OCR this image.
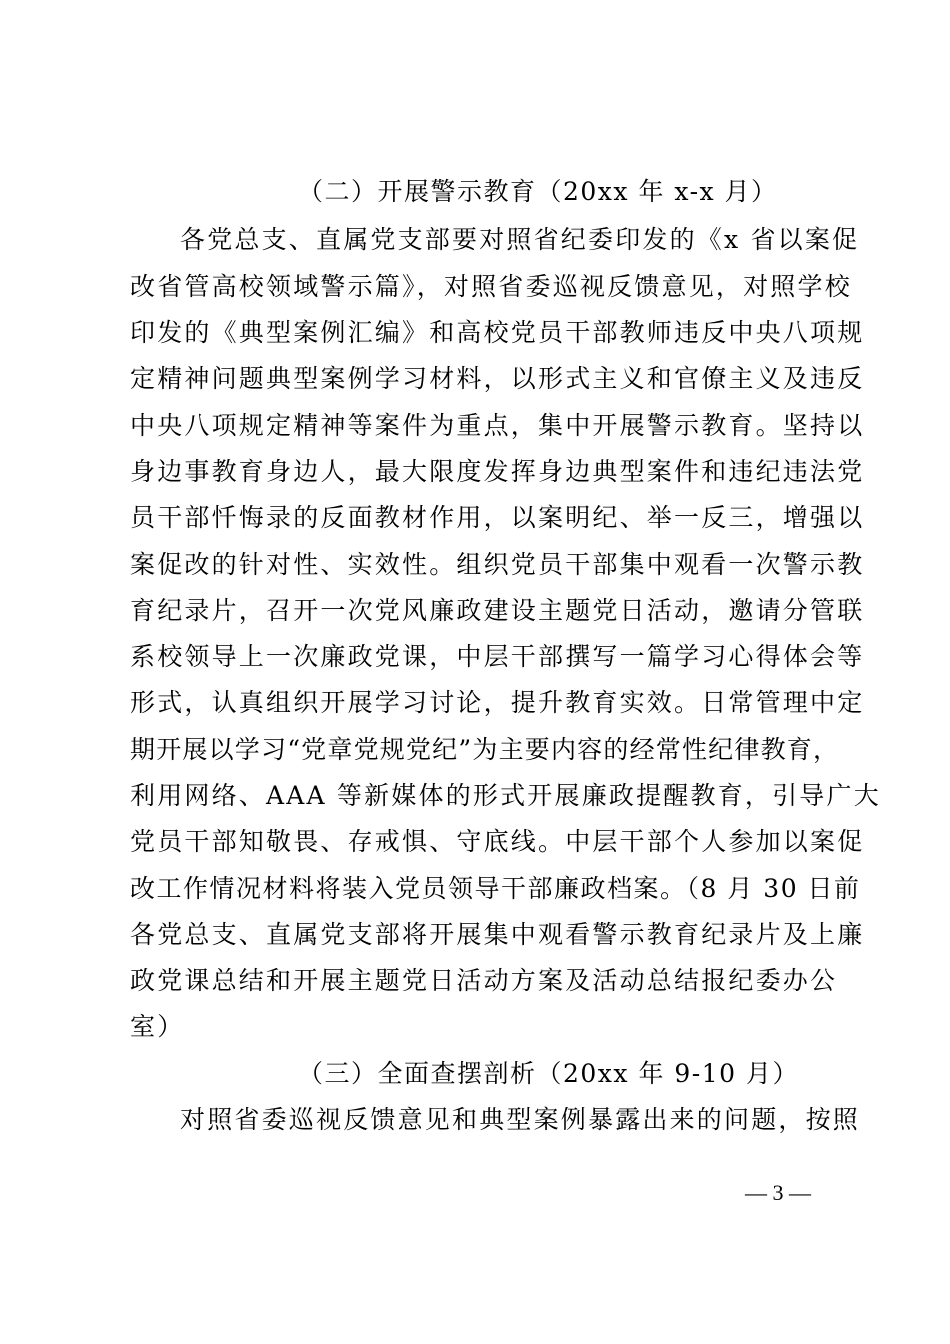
（二）开展警示教育（20xx 年 x-x 月）
各党总支、直属党支部要对照省纪委印发的《x 省以案促
改省管高校领域警示篇》，对照省委巡视反馈意见，对照学校
印发的《典型案例汇编》和高校党员干部教师违反中央八项规
定精神问题典型案例学习材料，以形式主义和官僚主义及违反
中央八项规定精神等案件为重点，集中开展警示教育。坚持以
身边事教育身边人，最大限度发挥身边典型案件和违纪违法党
员干部忏悔录的反面教材作用，以案明纪、举一反三，增强以
案促改的针对性、实效性。组织党员干部集中观看一次警示教
育纪录片，召开一次党风廉政建设主题党日活动，邀请分管联
系校领导上一次廉政党课，中层干部撰写一篇学习心得体会等
形式，认真组织开展学习讨论，提升教育实效。日常管理中定
期开展以学习“党章党规党纪”为主要内容的经常性纪律教育，
利用网络、AAA 等新媒体的形式开展廉政提醒教育，引导广大
党员干部知敬畏、存戒惧、守底线。中层干部个人参加以案促
改工作情况材料将装入党员领导干部廉政档案。（8 月 30 日前
各党总支、直属党支部将开展集中观看警示教育纪录片及上廉
政党课总结和开展主题党日活动方案及活动总结报纪委办公
室）
（三）全面查摆剖析（20xx 年 9-10 月）
对照省委巡视反馈意见和典型案例暴露出来的问题，按照
— 3 —
